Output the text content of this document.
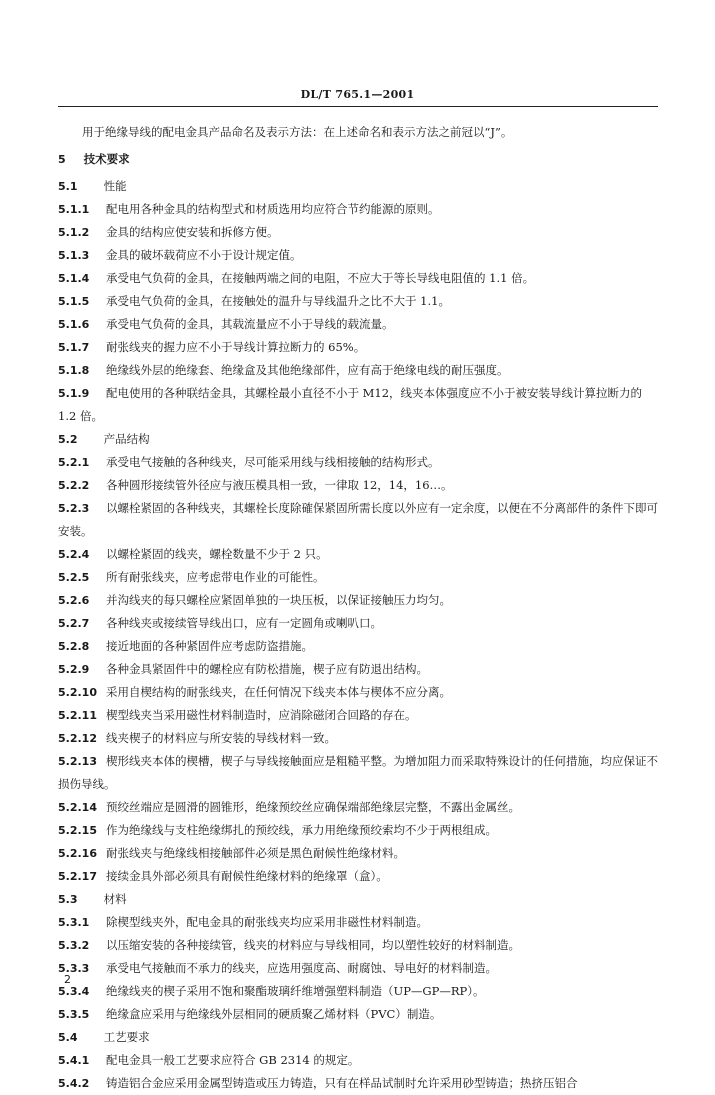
DL/T 765.1—2001
用于绝缘导线的配电金具产品命名及表示方法：在上述命名和表示方法之前冠以“J”。
5 技术要求
5.1 性能
5.1.1 配电用各种金具的结构型式和材质选用均应符合节约能源的原则。
5.1.2 金具的结构应使安装和拆修方便。
5.1.3 金具的破坏载荷应不小于设计规定值。
5.1.4 承受电气负荷的金具，在接触两端之间的电阻，不应大于等长导线电阻值的 1.1 倍。
5.1.5 承受电气负荷的金具，在接触处的温升与导线温升之比不大于 1.1。
5.1.6 承受电气负荷的金具，其载流量应不小于导线的载流量。
5.1.7 耐张线夹的握力应不小于导线计算拉断力的 65%。
5.1.8 绝缘线外层的绝缘套、绝缘盒及其他绝缘部件，应有高于绝缘电线的耐压强度。
5.1.9 配电使用的各种联结金具，其螺栓最小直径不小于 M12，线夹本体强度应不小于被安装导线计算拉断力的 1.2 倍。
5.2 产品结构
5.2.1 承受电气接触的各种线夹，尽可能采用线与线相接触的结构形式。
5.2.2 各种圆形接续管外径应与液压模具相一致，一律取 12，14，16…。
5.2.3 以螺栓紧固的各种线夹，其螺栓长度除確保紧固所需长度以外应有一定余度，以便在不分离部件的条件下即可安装。
5.2.4 以螺栓紧固的线夹，螺栓数量不少于 2 只。
5.2.5 所有耐张线夹，应考虑带电作业的可能性。
5.2.6 并沟线夹的每只螺栓应紧固单独的一块压板，以保证接触压力均匀。
5.2.7 各种线夹或接续管导线出口，应有一定圆角或喇叭口。
5.2.8 接近地面的各种紧固件应考虑防盗措施。
5.2.9 各种金具紧固件中的螺栓应有防松措施，楔子应有防退出结构。
5.2.10 采用自楔结构的耐张线夹，在任何情况下线夹本体与楔体不应分离。
5.2.11 楔型线夹当采用磁性材料制造时，应消除磁闭合回路的存在。
5.2.12 线夹楔子的材料应与所安装的导线材料一致。
5.2.13 楔形线夹本体的楔槽，楔子与导线接触面应是粗糙平整。为增加阻力而采取特殊设计的任何措施，均应保证不损伤导线。
5.2.14 预绞丝端应是圆滑的圆锥形，绝缘预绞丝应确保端部绝缘层完整，不露出金属丝。
5.2.15 作为绝缘线与支柱绝缘绑扎的预绞线，承力用绝缘预绞索均不少于两根组成。
5.2.16 耐张线夹与绝缘线相接触部件必须是黑色耐候性绝缘材料。
5.2.17 接续金具外部必须具有耐候性绝缘材料的绝缘罩（盒）。
5.3 材料
5.3.1 除楔型线夹外，配电金具的耐张线夹均应采用非磁性材料制造。
5.3.2 以压缩安装的各种接续管，线夹的材料应与导线相同，均以塑性较好的材料制造。
5.3.3 承受电气接触而不承力的线夹，应选用强度高、耐腐蚀、导电好的材料制造。
5.3.4 绝缘线夹的楔子采用不饱和聚酯玻璃纤维增强塑料制造（UP—GP—RP）。
5.3.5 绝缘盒应采用与绝缘线外层相同的硬质聚乙烯材料（PVC）制造。
5.4 工艺要求
5.4.1 配电金具一般工艺要求应符合 GB 2314 的规定。
5.4.2 铸造铝合金应采用金属型铸造或压力铸造，只有在样品试制时允许采用砂型铸造；热挤压铝合
2
